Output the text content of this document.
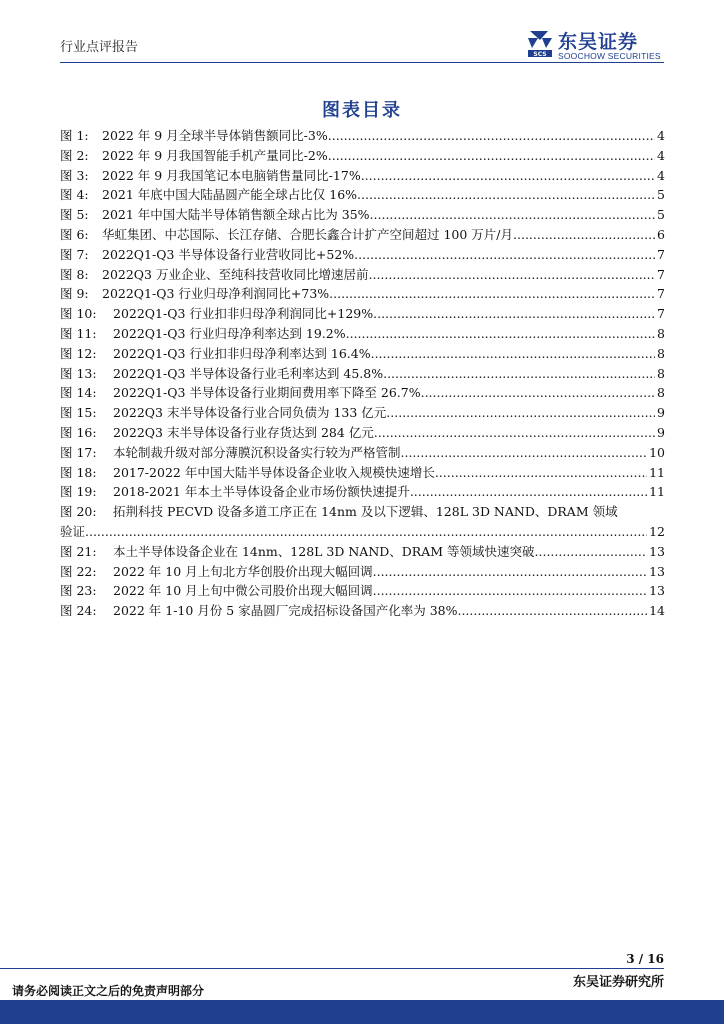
行业点评报告	SCS
东吴证券
SOOCHOW SECURITIES
图表目录
图 1:	2022 年 9 月全球半导体销售额同比-3% .....	4
图 2:	2022 年 9 月我国智能手机产量同比-2% .....	4
图 3:	2022 年 9 月我国笔记本电脑销售量同比-17% .....	4
图 4:	2021 年底中国大陆晶圆产能全球占比仅 16% .....	5
图 5:	2021 年中国大陆半导体销售额全球占比为 35% .....	5
图 6:	华虹集团、中芯国际、长江存储、合肥长鑫合计扩产空间超过 100 万片/月 .....	6
图 7:	2022Q1-Q3 半导体设备行业营收同比+52% .....	7
图 8:	2022Q3 万业企业、至纯科技营收同比增速居前 .....	7
图 9:	2022Q1-Q3 行业归母净利润同比+73% .....	7
图 10:	2022Q1-Q3 行业扣非归母净利润同比+129% .....	7
图 11:	2022Q1-Q3 行业归母净利率达到 19.2% .....	8
图 12:	2022Q1-Q3 行业扣非归母净利率达到 16.4% .....	8
图 13:	2022Q1-Q3 半导体设备行业毛利率达到 45.8% .....	8
图 14:	2022Q1-Q3 半导体设备行业期间费用率下降至 26.7% .....	8
图 15:	2022Q3 末半导体设备行业合同负债为 133 亿元 .....	9
图 16:	2022Q3 末半导体设备行业存货达到 284 亿元 .....	9
图 17:	本轮制裁升级对部分薄膜沉积设备实行较为严格管制 .....	10
图 18:	2017-2022 年中国大陆半导体设备企业收入规模快速增长 .....	11
图 19:	2018-2021 年本土半导体设备企业市场份额快速提升 .....	11
图 20:	拓荆科技 PECVD 设备多道工序正在 14nm 及以下逻辑、128L 3D NAND、DRAM 领域
验证 .....	12
图 21:	本土半导体设备企业在 14nm、128L 3D NAND、DRAM 等领域快速突破 .....	13
图 22:	2022 年 10 月上旬北方华创股价出现大幅回调 .....	13
图 23:	2022 年 10 月上旬中微公司股价出现大幅回调 .....	13
图 24:	2022 年 1-10 月份 5 家晶圆厂完成招标设备国产化率为 38% .....	14
3 / 16
东吴证券研究所
请务必阅读正文之后的免责声明部分
